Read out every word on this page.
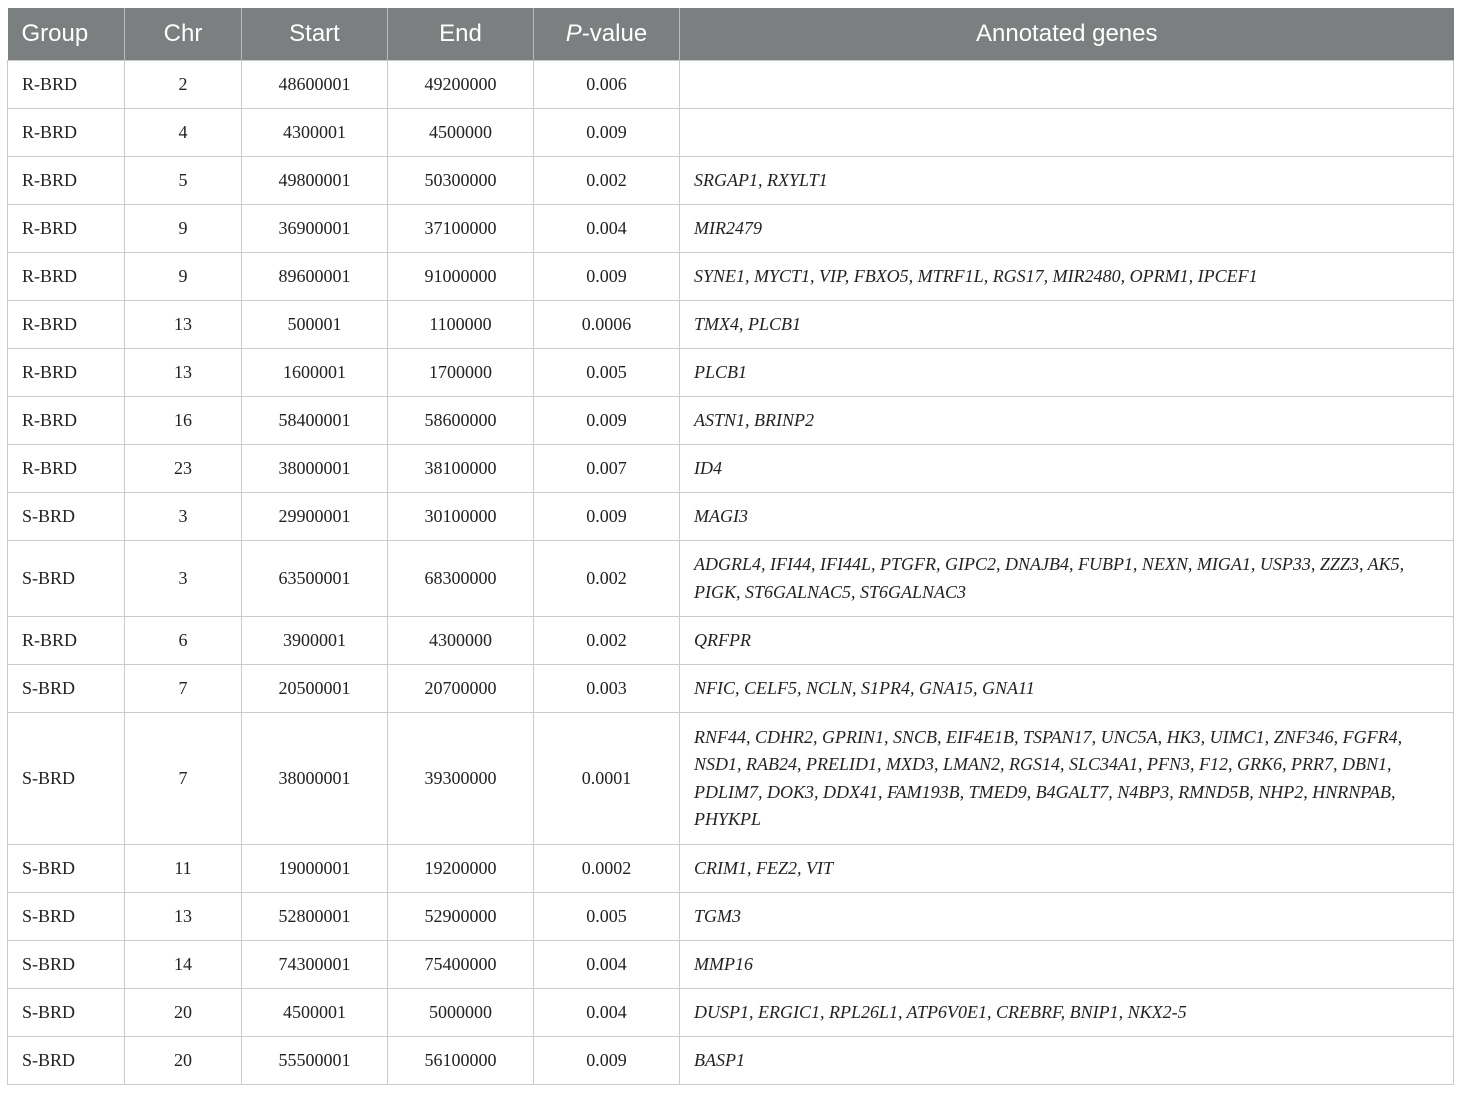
Group	Chr	Start	End	P-value	Annotated genes
R-BRD	2	48600001	49200000	0.006	
R-BRD	4	4300001	4500000	0.009	
R-BRD	5	49800001	50300000	0.002	SRGAP1, RXYLT1
R-BRD	9	36900001	37100000	0.004	MIR2479
R-BRD	9	89600001	91000000	0.009	SYNE1, MYCT1, VIP, FBXO5, MTRF1L, RGS17, MIR2480, OPRM1, IPCEF1
R-BRD	13	500001	1100000	0.0006	TMX4, PLCB1
R-BRD	13	1600001	1700000	0.005	PLCB1
R-BRD	16	58400001	58600000	0.009	ASTN1, BRINP2
R-BRD	23	38000001	38100000	0.007	ID4
S-BRD	3	29900001	30100000	0.009	MAGI3
S-BRD	3	63500001	68300000	0.002	ADGRL4, IFI44, IFI44L, PTGFR, GIPC2, DNAJB4, FUBP1, NEXN, MIGA1, USP33, ZZZ3, AK5, PIGK, ST6GALNAC5, ST6GALNAC3
R-BRD	6	3900001	4300000	0.002	QRFPR
S-BRD	7	20500001	20700000	0.003	NFIC, CELF5, NCLN, S1PR4, GNA15, GNA11
S-BRD	7	38000001	39300000	0.0001	RNF44, CDHR2, GPRIN1, SNCB, EIF4E1B, TSPAN17, UNC5A, HK3, UIMC1, ZNF346, FGFR4, NSD1, RAB24, PRELID1, MXD3, LMAN2, RGS14, SLC34A1, PFN3, F12, GRK6, PRR7, DBN1, PDLIM7, DOK3, DDX41, FAM193B, TMED9, B4GALT7, N4BP3, RMND5B, NHP2, HNRNPAB, PHYKPL
S-BRD	11	19000001	19200000	0.0002	CRIM1, FEZ2, VIT
S-BRD	13	52800001	52900000	0.005	TGM3
S-BRD	14	74300001	75400000	0.004	MMP16
S-BRD	20	4500001	5000000	0.004	DUSP1, ERGIC1, RPL26L1, ATP6V0E1, CREBRF, BNIP1, NKX2-5
S-BRD	20	55500001	56100000	0.009	BASP1
